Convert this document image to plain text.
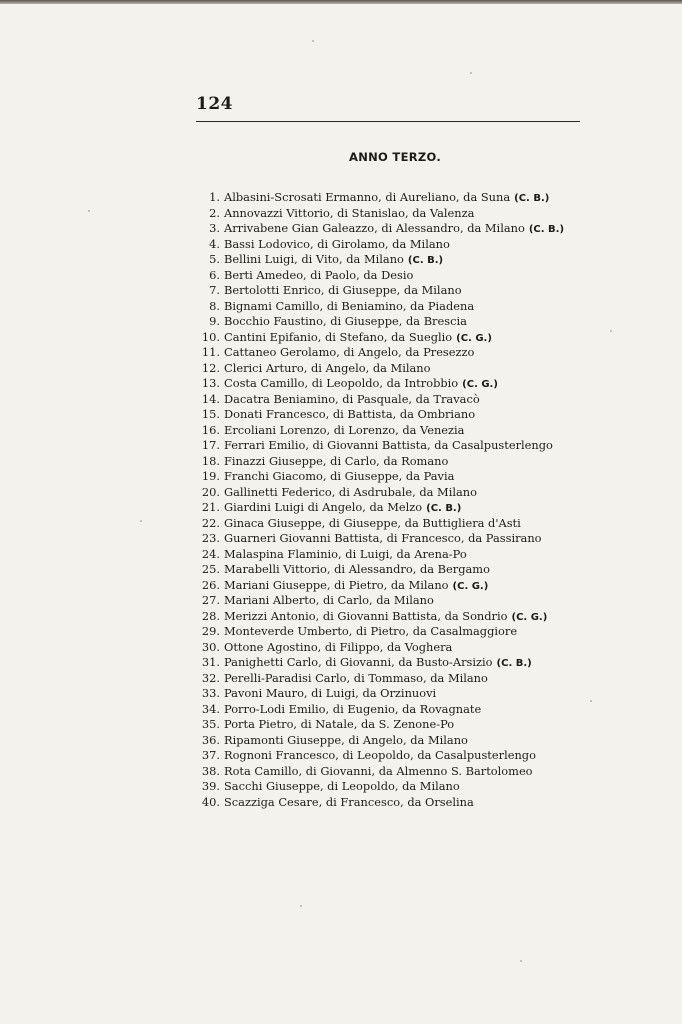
124
ANNO TERZO.
1. Albasini-Scrosati Ermanno, di Aureliano, da Suna (C. B.)
2. Annovazzi Vittorio, di Stanislao, da Valenza
3. Arrivabene Gian Galeazzo, di Alessandro, da Milano (C. B.)
4. Bassi Lodovico, di Girolamo, da Milano
5. Bellini Luigi, di Vito, da Milano (C. B.)
6. Berti Amedeo, di Paolo, da Desio
7. Bertolotti Enrico, di Giuseppe, da Milano
8. Bignami Camillo, di Beniamino, da Piadena
9. Bocchio Faustino, di Giuseppe, da Brescia
10. Cantini Epifanio, di Stefano, da Sueglio (C. G.)
11. Cattaneo Gerolamo, di Angelo, da Presezzo
12. Clerici Arturo, di Angelo, da Milano
13. Costa Camillo, di Leopoldo, da Introbbio (C. G.)
14. Dacatra Beniamino, di Pasquale, da Travacò
15. Donati Francesco, di Battista, da Ombriano
16. Ercoliani Lorenzo, di Lorenzo, da Venezia
17. Ferrari Emilio, di Giovanni Battista, da Casalpusterlengo
18. Finazzi Giuseppe, di Carlo, da Romano
19. Franchi Giacomo, di Giuseppe, da Pavia
20. Gallinetti Federico, di Asdrubale, da Milano
21. Giardini Luigi di Angelo, da Melzo (C. B.)
22. Ginaca Giuseppe, di Giuseppe, da Buttigliera d'Asti
23. Guarneri Giovanni Battista, di Francesco, da Passirano
24. Malaspina Flaminio, di Luigi, da Arena-Po
25. Marabelli Vittorio, di Alessandro, da Bergamo
26. Mariani Giuseppe, di Pietro, da Milano (C. G.)
27. Mariani Alberto, di Carlo, da Milano
28. Merizzi Antonio, di Giovanni Battista, da Sondrio (C. G.)
29. Monteverde Umberto, di Pietro, da Casalmaggiore
30. Ottone Agostino, di Filippo, da Voghera
31. Panighetti Carlo, di Giovanni, da Busto-Arsizio (C. B.)
32. Perelli-Paradisi Carlo, di Tommaso, da Milano
33. Pavoni Mauro, di Luigi, da Orzinuovi
34. Porro-Lodi Emilio, di Eugenio, da Rovagnate
35. Porta Pietro, di Natale, da S. Zenone-Po
36. Ripamonti Giuseppe, di Angelo, da Milano
37. Rognoni Francesco, di Leopoldo, da Casalpusterlengo
38. Rota Camillo, di Giovanni, da Almenno S. Bartolomeo
39. Sacchi Giuseppe, di Leopoldo, da Milano
40. Scazziga Cesare, di Francesco, da Orselina
